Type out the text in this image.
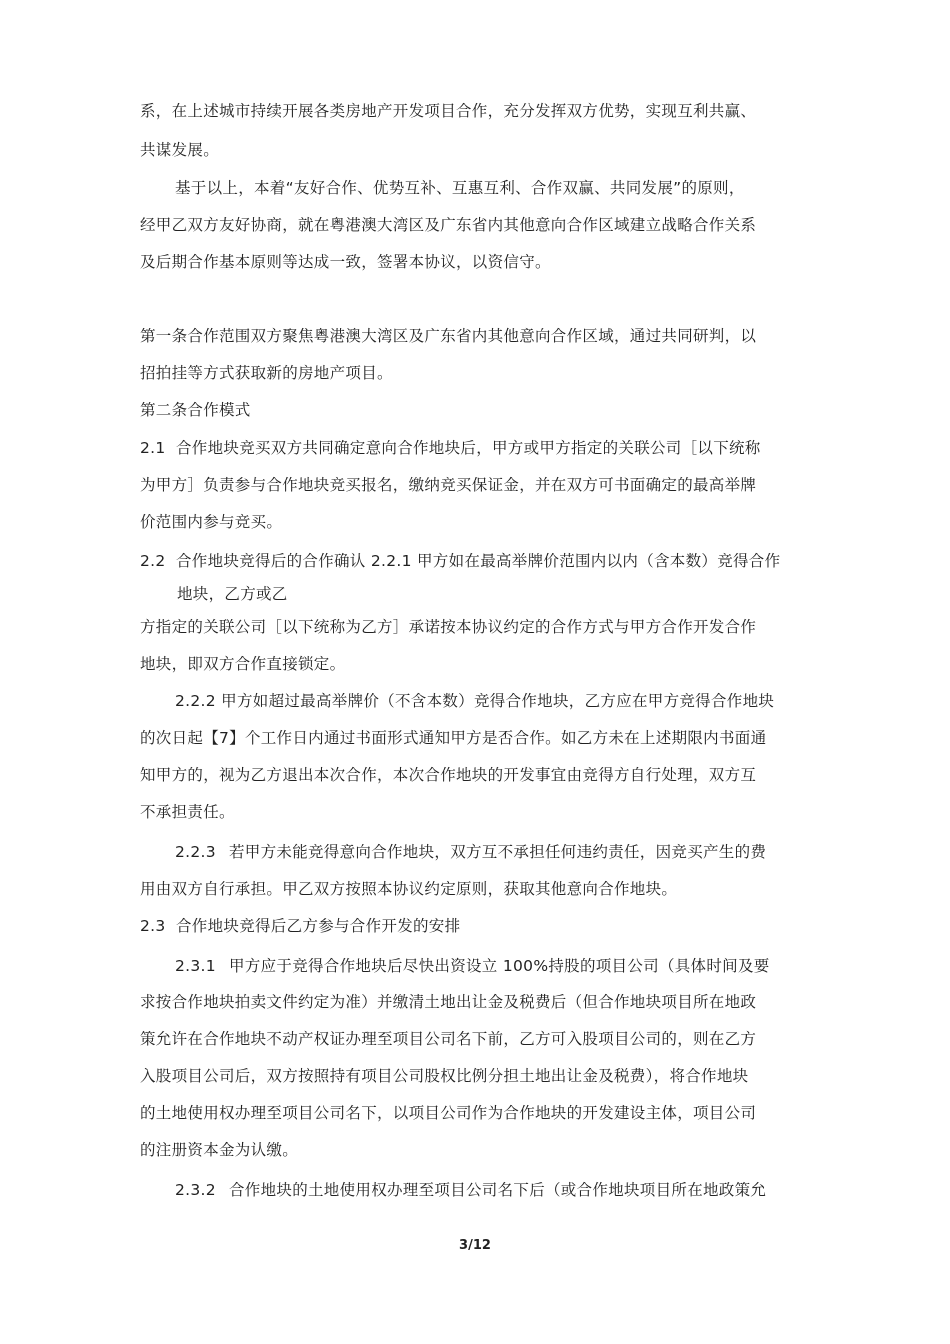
系，在上述城市持续开展各类房地产开发项目合作，充分发挥双方优势，实现互利共赢、
共谋发展。
基于以上，本着“友好合作、优势互补、互惠互利、合作双赢、共同发展”的原则，
经甲乙双方友好协商，就在粤港澳大湾区及广东省内其他意向合作区域建立战略合作关系
及后期合作基本原则等达成一致，签署本协议，以资信守。
第一条合作范围双方聚焦粤港澳大湾区及广东省内其他意向合作区域，通过共同研判，以
招拍挂等方式获取新的房地产项目。
第二条合作模式
2.1 合作地块竞买双方共同确定意向合作地块后，甲方或甲方指定的关联公司［以下统称
为甲方］负责参与合作地块竞买报名，缴纳竞买保证金，并在双方可书面确定的最高举牌
价范围内参与竞买。
2.2 合作地块竞得后的合作确认 2.2.1 甲方如在最高举牌价范围内以内（含本数）竞得合作
地块，乙方或乙
方指定的关联公司［以下统称为乙方］承诺按本协议约定的合作方式与甲方合作开发合作
地块，即双方合作直接锁定。
2.2.2 甲方如超过最高举牌价（不含本数）竞得合作地块，乙方应在甲方竞得合作地块
的次日起【7】个工作日内通过书面形式通知甲方是否合作。如乙方未在上述期限内书面通
知甲方的，视为乙方退出本次合作，本次合作地块的开发事宜由竞得方自行处理，双方互
不承担责任。
2.2.3 若甲方未能竞得意向合作地块，双方互不承担任何违约责任，因竞买产生的费
用由双方自行承担。甲乙双方按照本协议约定原则，获取其他意向合作地块。
2.3 合作地块竞得后乙方参与合作开发的安排
2.3.1 甲方应于竞得合作地块后尽快出资设立 100%持股的项目公司（具体时间及要
求按合作地块拍卖文件约定为准）并缴清土地出让金及税费后（但合作地块项目所在地政
策允许在合作地块不动产权证办理至项目公司名下前，乙方可入股项目公司的，则在乙方
入股项目公司后，双方按照持有项目公司股权比例分担土地出让金及税费），将合作地块
的土地使用权办理至项目公司名下，以项目公司作为合作地块的开发建设主体，项目公司
的注册资本金为认缴。
2.3.2 合作地块的土地使用权办理至项目公司名下后（或合作地块项目所在地政策允
3/12
